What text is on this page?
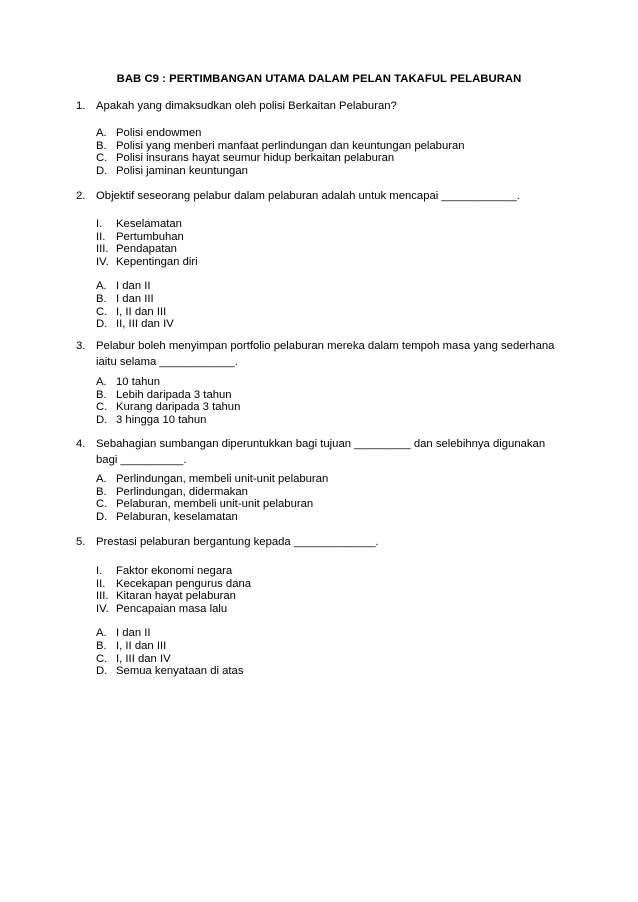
BAB C9 : PERTIMBANGAN UTAMA DALAM PELAN TAKAFUL PELABURAN
1. Apakah yang dimaksudkan oleh polisi Berkaitan Pelaburan?
A. Polisi endowmen
B. Polisi yang menberi manfaat perlindungan dan keuntungan pelaburan
C. Polisi insurans hayat seumur hidup berkaitan pelaburan
D. Polisi jaminan keuntungan
2. Objektif seseorang pelabur dalam pelaburan adalah untuk mencapai ____________.
I. Keselamatan
II. Pertumbuhan
III. Pendapatan
IV. Kepentingan diri
A. I dan II
B. I dan III
C. I, II dan III
D. II, III dan IV
3. Pelabur boleh menyimpan portfolio pelaburan mereka dalam tempoh masa yang sederhana iaitu selama ____________.
A. 10 tahun
B. Lebih daripada 3 tahun
C. Kurang daripada 3 tahun
D. 3 hingga 10 tahun
4. Sebahagian sumbangan diperuntukkan bagi tujuan _________ dan selebihnya digunakan bagi __________.
A. Perlindungan, membeli unit-unit pelaburan
B. Perlindungan, didermakan
C. Pelaburan, membeli unit-unit pelaburan
D. Pelaburan, keselamatan
5. Prestasi pelaburan bergantung kepada _____________.
I. Faktor ekonomi negara
II. Kecekapan pengurus dana
III. Kitaran hayat pelaburan
IV. Pencapaian masa lalu
A. I dan II
B. I, II dan III
C. I, III dan IV
D. Semua kenyataan di atas
